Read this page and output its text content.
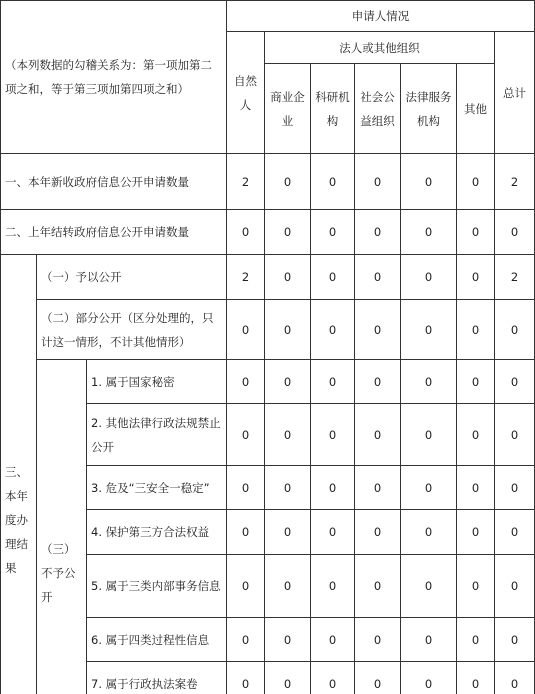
（本列数据的勾稽关系为：第一项加第二项之和，等于第三项加第四项之和）			申请人情况						
			自然人	法人或其他组织					总计
				商业企业	科研机构	社会公益组织	法律服务机构	其他	
一、本年新收政府信息公开申请数量			2	0	0	0	0	0	2
二、上年结转政府信息公开申请数量			0	0	0	0	0	0	0
三、本年度办理结果	（一）予以公开		2	0	0	0	0	0	2
	（二）部分公开（区分处理的，只计这一情形，不计其他情形）		0	0	0	0	0	0	0
	（三）不予公开	1. 属于国家秘密	0	0	0	0	0	0	0
		2. 其他法律行政法规禁止公开	0	0	0	0	0	0	0
		3. 危及“三安全一稳定”	0	0	0	0	0	0	0
		4. 保护第三方合法权益	0	0	0	0	0	0	0
		5. 属于三类内部事务信息	0	0	0	0	0	0	0
		6. 属于四类过程性信息	0	0	0	0	0	0	0
		7. 属于行政执法案卷	0	0	0	0	0	0	0
